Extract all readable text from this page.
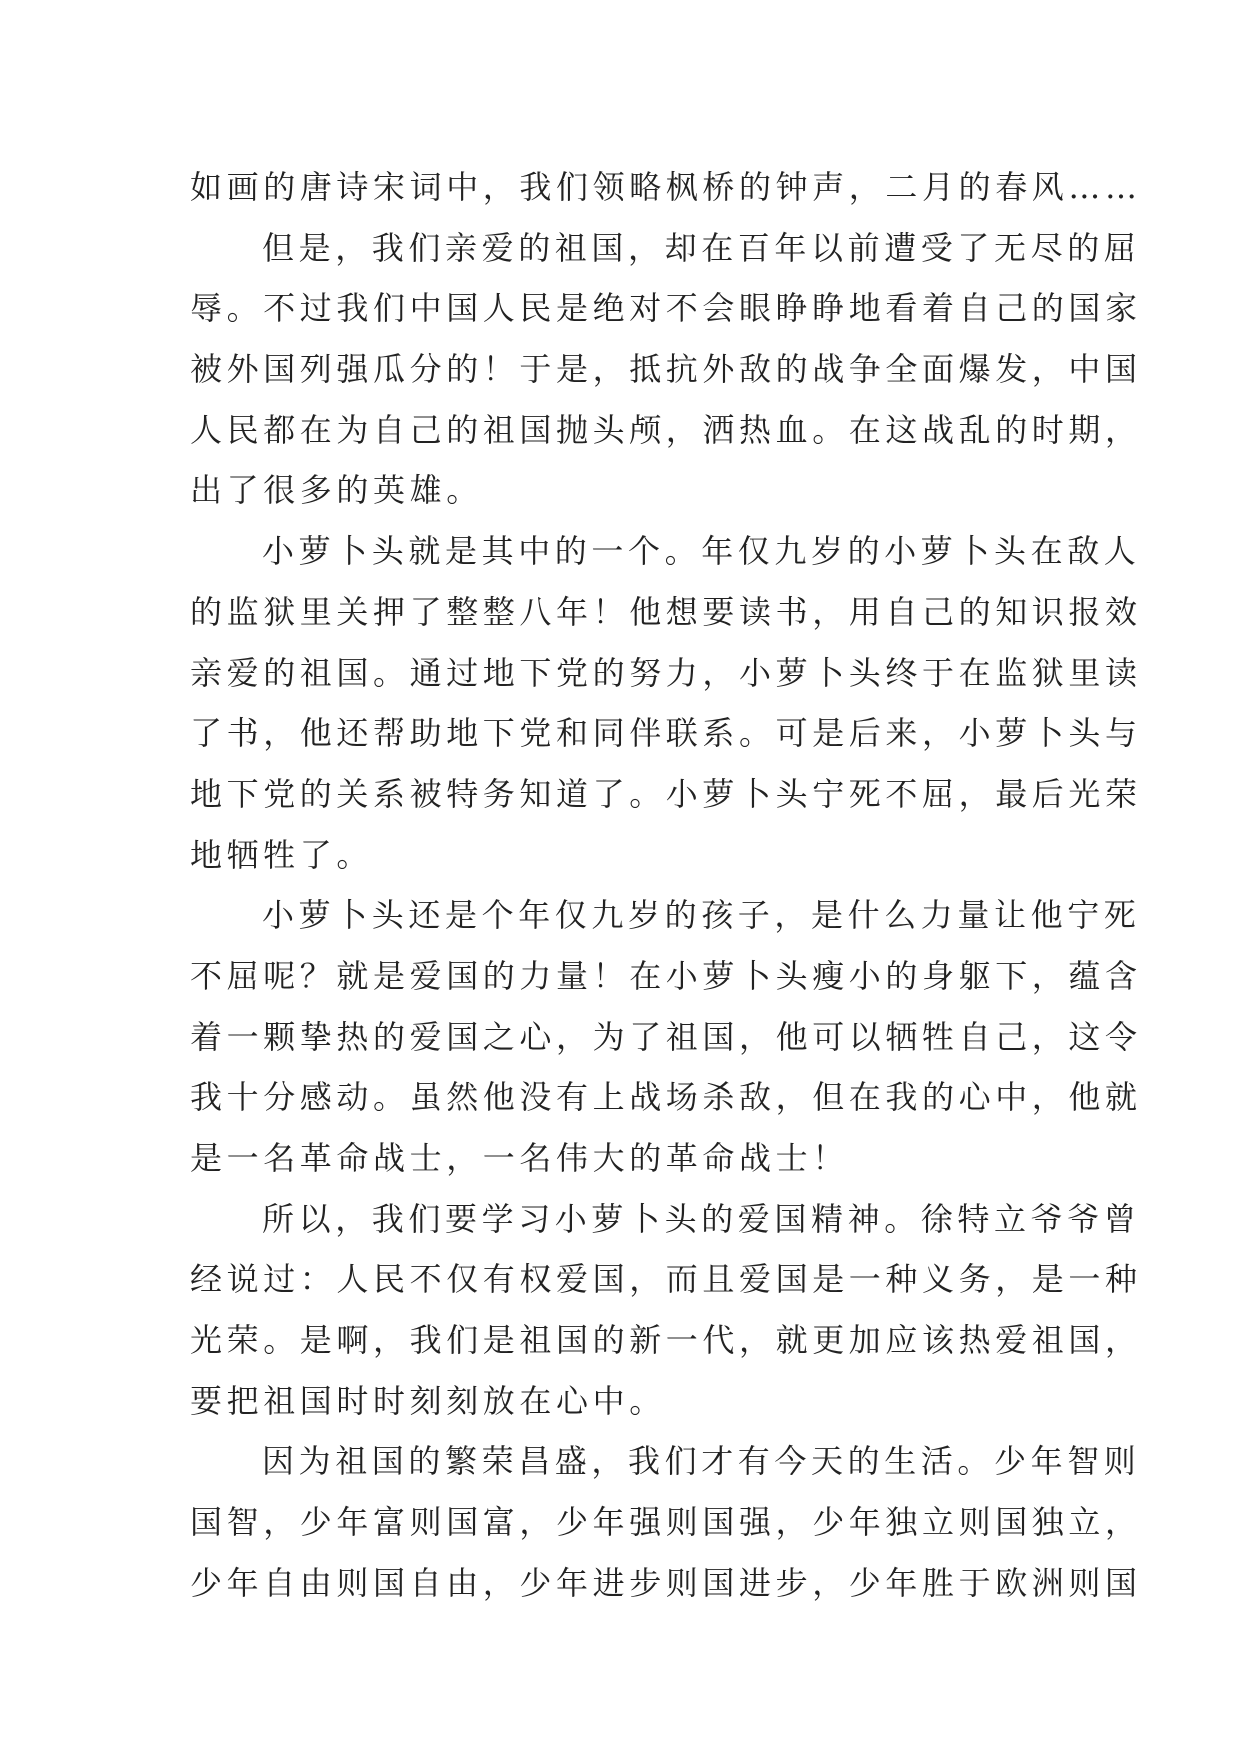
如画的唐诗宋词中，我们领略枫桥的钟声，二月的春风……
但是，我们亲爱的祖国，却在百年以前遭受了无尽的屈
辱。不过我们中国人民是绝对不会眼睁睁地看着自己的国家
被外国列强瓜分的！于是，抵抗外敌的战争全面爆发，中国
人民都在为自己的祖国抛头颅，洒热血。在这战乱的时期，
出了很多的英雄。
小萝卜头就是其中的一个。年仅九岁的小萝卜头在敌人
的监狱里关押了整整八年！他想要读书，用自己的知识报效
亲爱的祖国。通过地下党的努力，小萝卜头终于在监狱里读
了书，他还帮助地下党和同伴联系。可是后来，小萝卜头与
地下党的关系被特务知道了。小萝卜头宁死不屈，最后光荣
地牺牲了。
小萝卜头还是个年仅九岁的孩子，是什么力量让他宁死
不屈呢？就是爱国的力量！在小萝卜头瘦小的身躯下，蕴含
着一颗挚热的爱国之心，为了祖国，他可以牺牲自己，这令
我十分感动。虽然他没有上战场杀敌，但在我的心中，他就
是一名革命战士，一名伟大的革命战士！
所以，我们要学习小萝卜头的爱国精神。徐特立爷爷曾
经说过：人民不仅有权爱国，而且爱国是一种义务，是一种
光荣。是啊，我们是祖国的新一代，就更加应该热爱祖国，
要把祖国时时刻刻放在心中。
因为祖国的繁荣昌盛，我们才有今天的生活。少年智则
国智，少年富则国富，少年强则国强，少年独立则国独立，
少年自由则国自由，少年进步则国进步，少年胜于欧洲则国
